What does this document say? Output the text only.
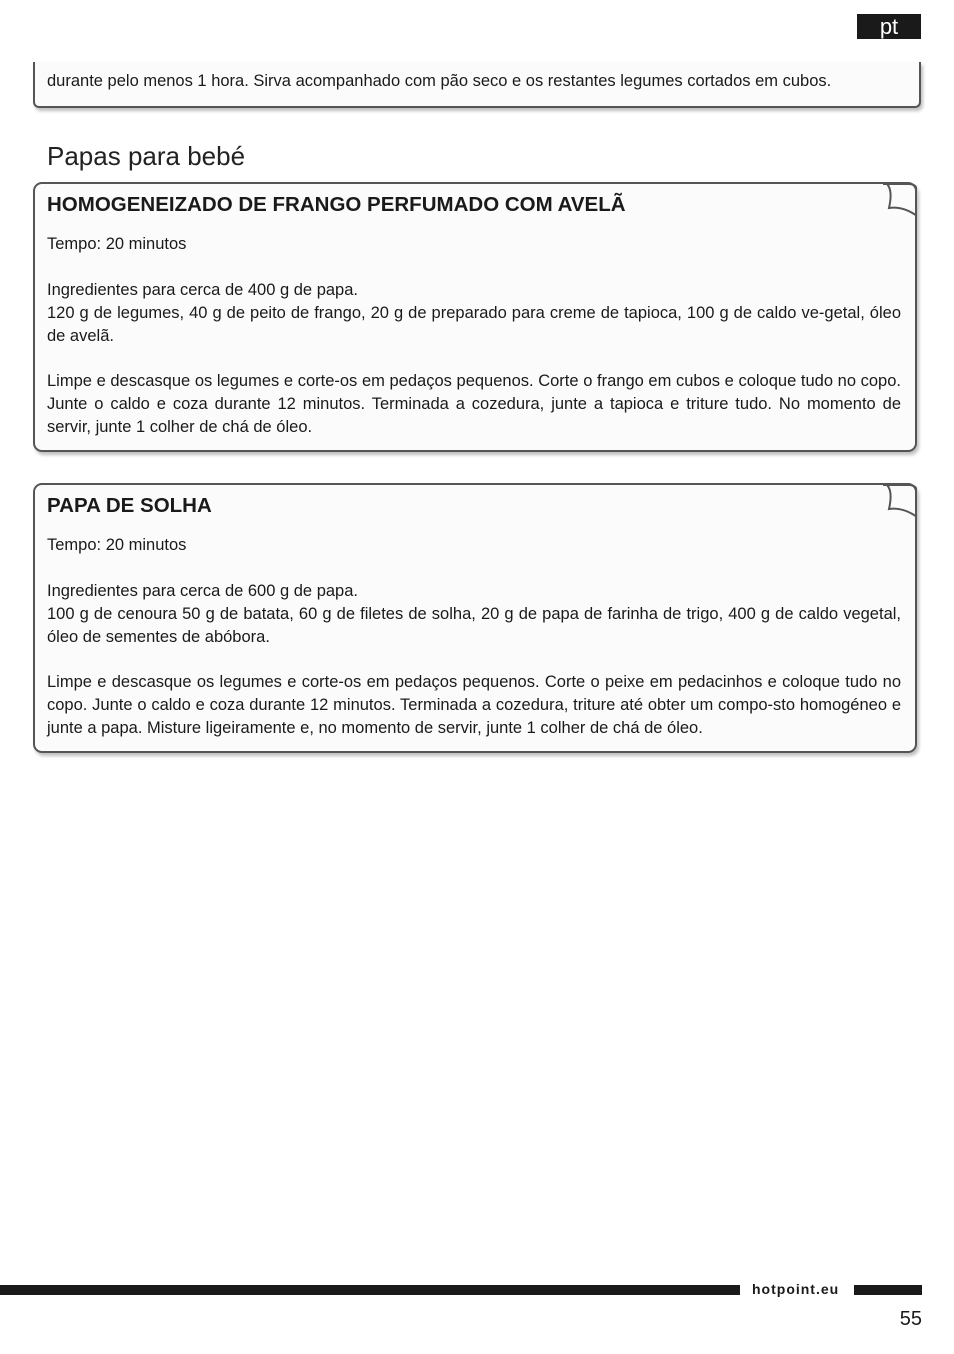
pt

durante pelo menos 1 hora. Sirva acompanhado com pão seco e os restantes legumes cortados em cubos.

Papas para bebé
HOMOGENEIZADO DE FRANGO PERFUMADO COM AVELÃ

Tempo: 20 minutos

Ingredientes para cerca de 400 g de papa.

120 g de legumes, 40 g de peito de frango, 20 g de preparado para creme de tapioca, 100 g de caldo ve-getal, óleo de avelã.

Limpe e descasque os legumes e corte-os em pedaços pequenos. Corte o frango em cubos e coloque tudo no copo. Junte o caldo e coza durante 12 minutos. Terminada a cozedura, junte a tapioca e triture tudo. No momento de servir, junte 1 colher de chá de óleo.

PAPA DE SOLHA

Tempo: 20 minutos

Ingredientes para cerca de 600 g de papa.

100 g de cenoura 50 g de batata, 60 g de filetes de solha, 20 g de papa de farinha de trigo, 400 g de caldo vegetal, óleo de sementes de abóbora.

Limpe e descasque os legumes e corte-os em pedaços pequenos. Corte o peixe em pedacinhos e coloque tudo no copo. Junte o caldo e coza durante 12 minutos. Terminada a cozedura, triture até obter um compo-sto homogéneo e junte a papa. Misture ligeiramente e, no momento de servir, junte 1 colher de chá de óleo.

hotpoint.eu
55
